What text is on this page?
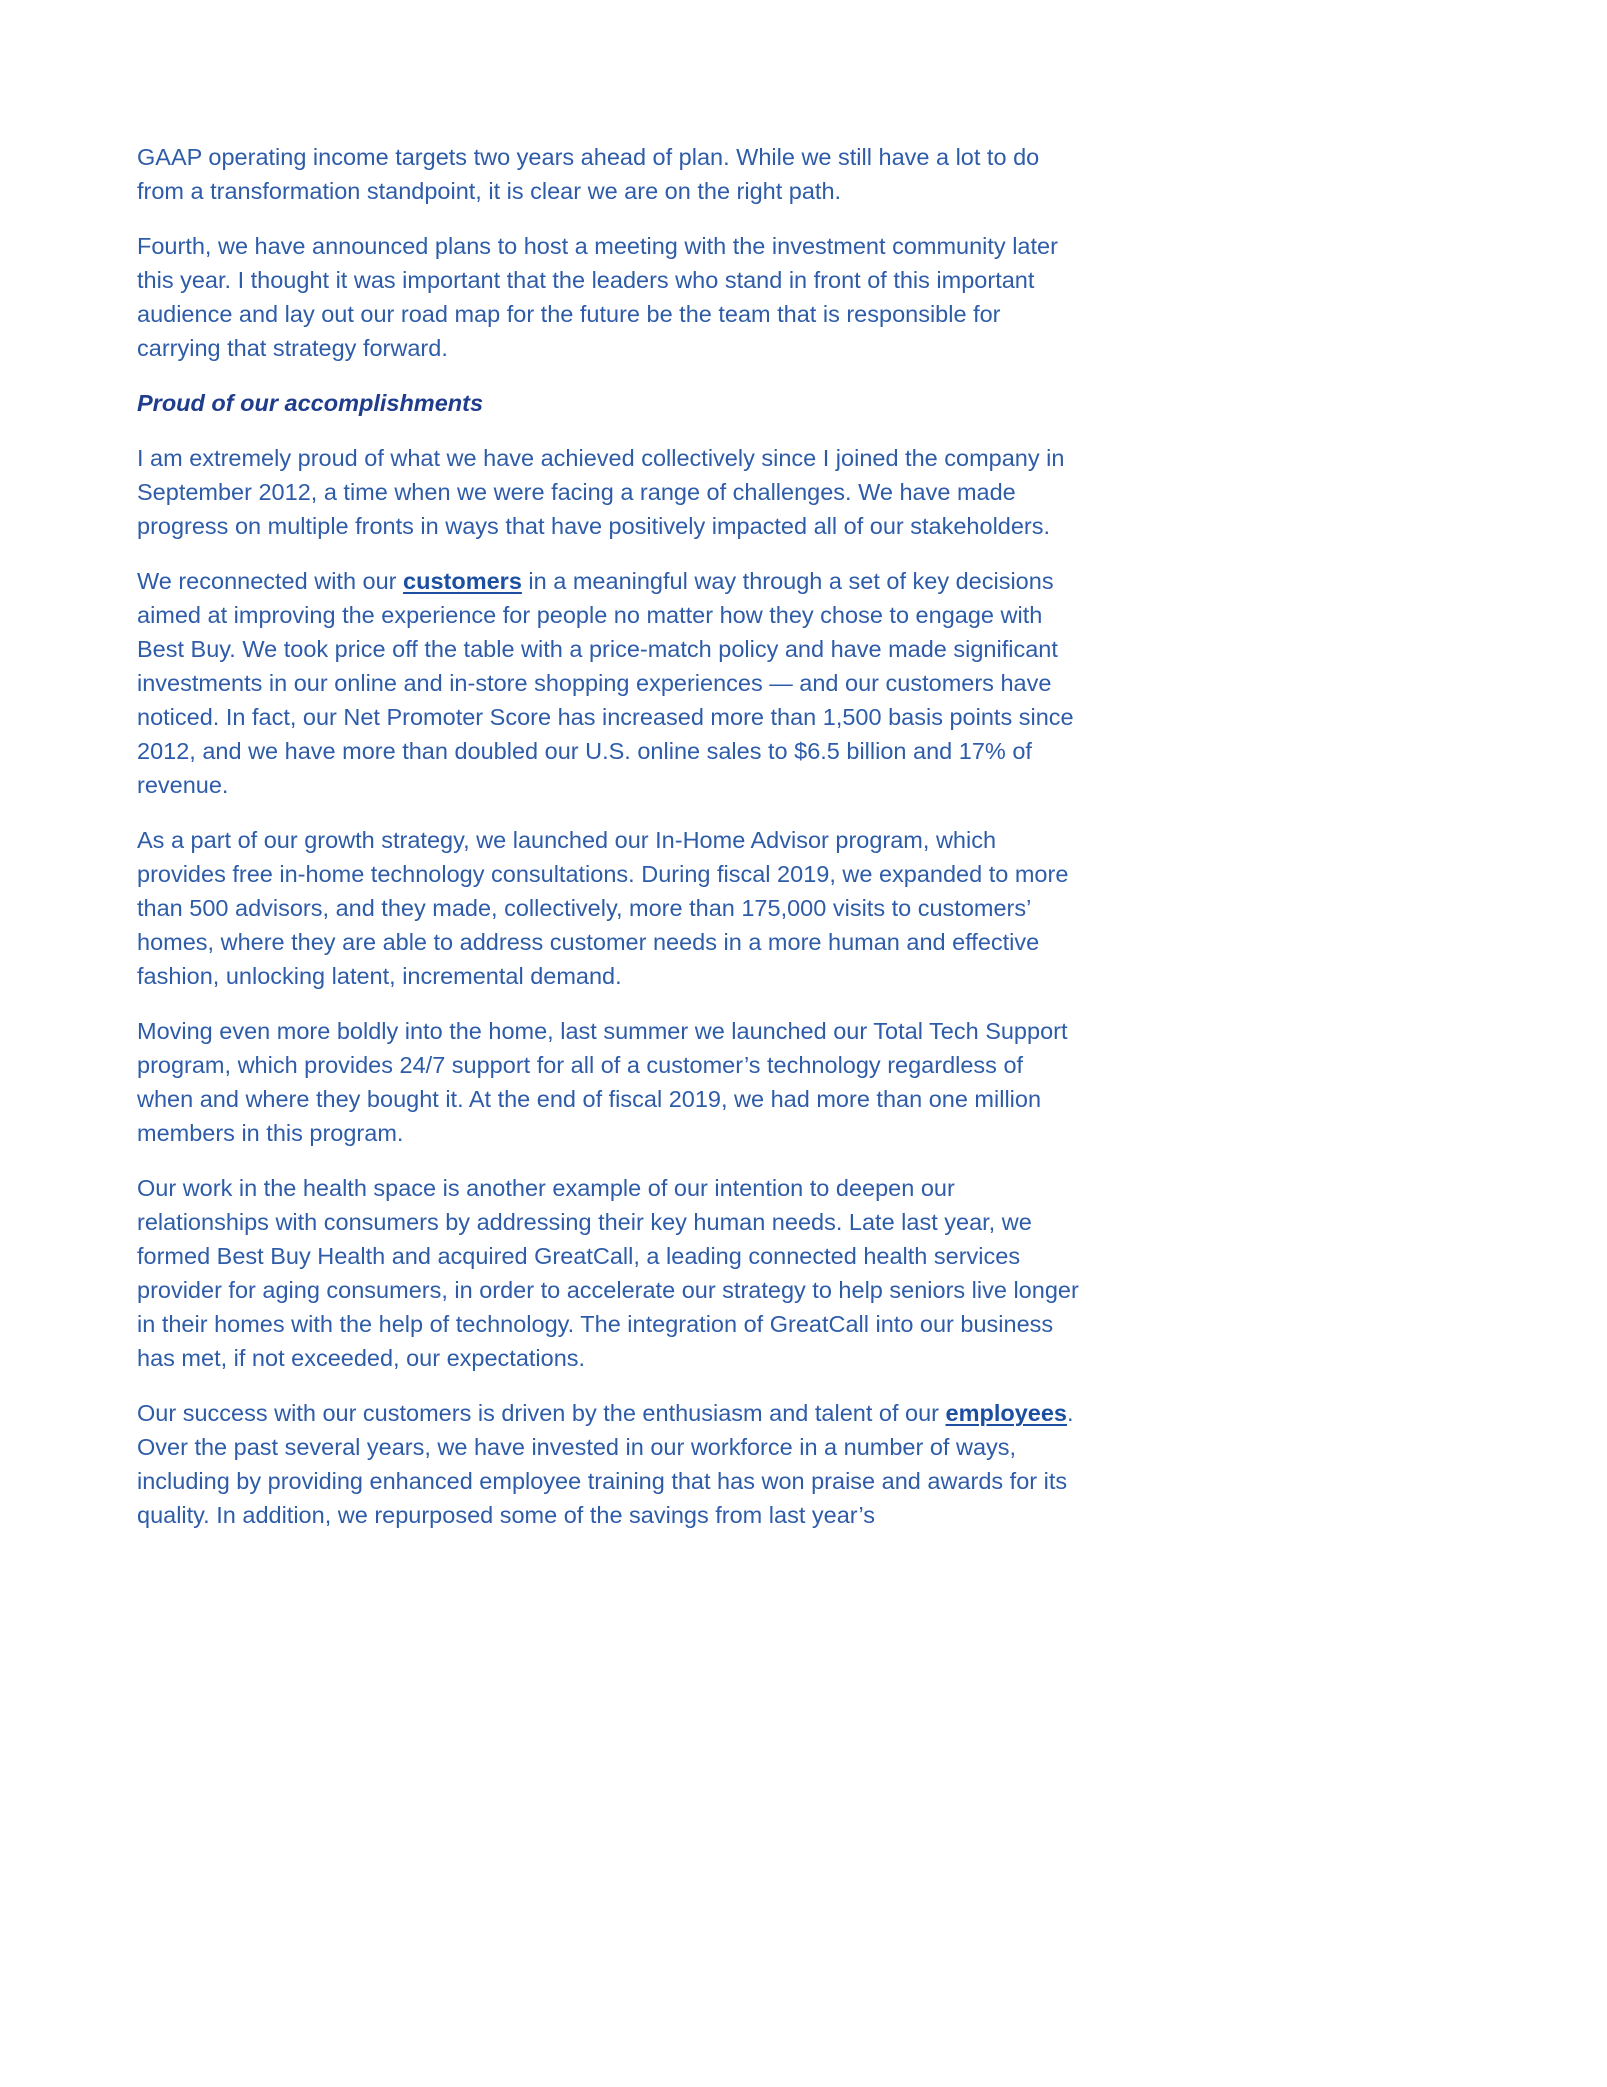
GAAP operating income targets two years ahead of plan. While we still have a lot to do from a transformation standpoint, it is clear we are on the right path.

Fourth, we have announced plans to host a meeting with the investment community later this year. I thought it was important that the leaders who stand in front of this important audience and lay out our road map for the future be the team that is responsible for carrying that strategy forward.

Proud of our accomplishments

I am extremely proud of what we have achieved collectively since I joined the company in September 2012, a time when we were facing a range of challenges. We have made progress on multiple fronts in ways that have positively impacted all of our stakeholders.

We reconnected with our customers in a meaningful way through a set of key decisions aimed at improving the experience for people no matter how they chose to engage with Best Buy. We took price off the table with a price-match policy and have made significant investments in our online and in-store shopping experiences — and our customers have noticed. In fact, our Net Promoter Score has increased more than 1,500 basis points since 2012, and we have more than doubled our U.S. online sales to $6.5 billion and 17% of revenue.

As a part of our growth strategy, we launched our In-Home Advisor program, which provides free in-home technology consultations. During fiscal 2019, we expanded to more than 500 advisors, and they made, collectively, more than 175,000 visits to customers’ homes, where they are able to address customer needs in a more human and effective fashion, unlocking latent, incremental demand.

Moving even more boldly into the home, last summer we launched our Total Tech Support program, which provides 24/7 support for all of a customer’s technology regardless of when and where they bought it. At the end of fiscal 2019, we had more than one million members in this program.

Our work in the health space is another example of our intention to deepen our relationships with consumers by addressing their key human needs. Late last year, we formed Best Buy Health and acquired GreatCall, a leading connected health services provider for aging consumers, in order to accelerate our strategy to help seniors live longer in their homes with the help of technology. The integration of GreatCall into our business has met, if not exceeded, our expectations.

Our success with our customers is driven by the enthusiasm and talent of our employees. Over the past several years, we have invested in our workforce in a number of ways, including by providing enhanced employee training that has won praise and awards for its quality. In addition, we repurposed some of the savings from last year’s
